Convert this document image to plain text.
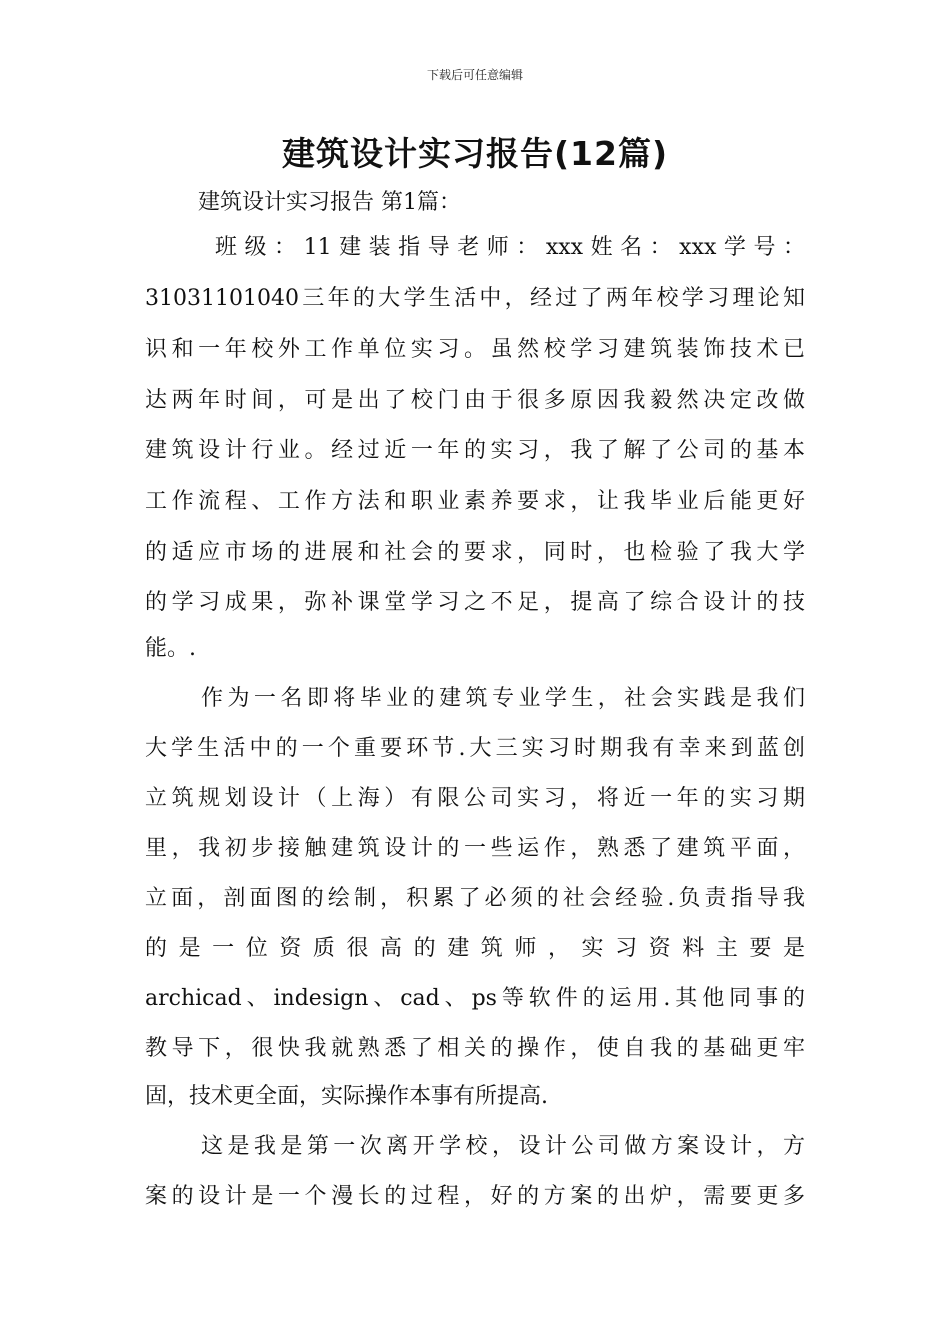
下载后可任意编辑
建筑设计实习报告(12篇)
建筑设计实习报告 第1篇：
班级：11建装指导老师：xxx姓名：xxx学号：
31031101040三年的大学生活中，经过了两年校学习理论知
识和一年校外工作单位实习。虽然校学习建筑装饰技术已
达两年时间，可是出了校门由于很多原因我毅然决定改做
建筑设计行业。经过近一年的实习，我了解了公司的基本
工作流程、工作方法和职业素养要求，让我毕业后能更好
的适应市场的进展和社会的要求，同时，也检验了我大学
的学习成果，弥补课堂学习之不足，提高了综合设计的技
能。.
作为一名即将毕业的建筑专业学生，社会实践是我们
大学生活中的一个重要环节.大三实习时期我有幸来到蓝创
立筑规划设计（上海）有限公司实习，将近一年的实习期
里，我初步接触建筑设计的一些运作，熟悉了建筑平面，
立面，剖面图的绘制，积累了必须的社会经验.负责指导我
的是一位资质很高的建筑师，实习资料主要是
archicad、indesign、cad、ps等软件的运用.其他同事的
教导下，很快我就熟悉了相关的操作，使自我的基础更牢
固，技术更全面，实际操作本事有所提高.
这是我是第一次离开学校，设计公司做方案设计，方
案的设计是一个漫长的过程，好的方案的出炉，需要更多
